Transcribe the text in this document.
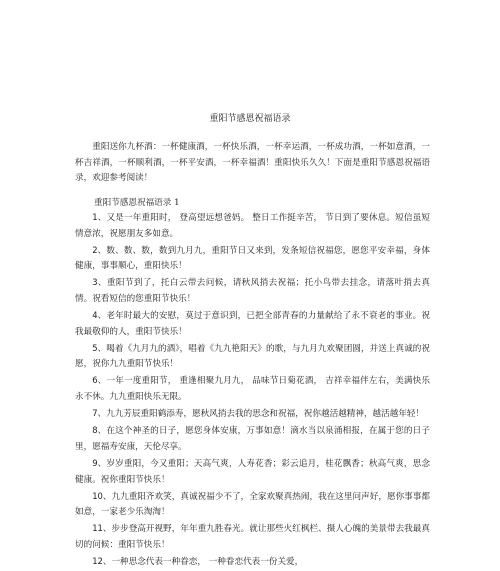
重阳节感恩祝福语录
重阳送你九杯酒：一杯健康酒，一杯快乐酒，一杯幸运酒，一杯成功酒，一杯如意酒，一杯吉祥酒，一杯顺利酒，一杯平安酒，一杯幸福酒！重阳快乐久久！下面是重阳节感恩祝福语录，欢迎参考阅读！
重阳节感恩祝福语录 1

1、又是一年重阳时， 登高望远想爸妈。 整日工作挺辛苦， 节日到了要休息。短信虽短情意浓，祝愿朋友多如意。

2、数、数、数，数到九月九，重阳节日又来到，发条短信祝福您，愿您平安幸福，身体健康，事事顺心，重阳快乐！

3、重阳节到了，托白云带去问候，请秋风捎去祝福；托小鸟带去挂念，请落叶捎去真情。祝看短信的您重阳节快乐！

4、老年时最大的安慰，莫过于意识到，已把全部青春的力量献给了永不衰老的事业。祝我最敬仰的人，重阳节快乐！

5、喝着《九月九的酒》，唱着《九九艳阳天》的歌，与九月九欢聚团圆，并送上真诚的祝愿，祝你九九重阳节快乐！

6、一年一度重阳节， 重逢相聚九月九， 品味节日菊花酒， 吉祥幸福伴左右，美满快乐永不休。九九重阳快乐无限。

7、九九芳辰重阳鹤添寿，愿秋风捎去我的思念和祝福，祝你越活越精神，越活越年轻！

8、在这个神圣的日子，愿您身体安康，万事如意！滴水当以泉涌相报，在属于您的日子里，愿福寿安康，天伦尽享。

9、岁岁重阳，今又重阳；天高气爽，人寿花香；彩云追月，桂花飘香；秋高气爽，思念健康。祝你重阳节快乐！

10、九九重阳齐欢笑，真诚祝福少不了，全家欢聚真热闹，我在这里问声好，愿你事事都如意，一家老少乐淘淘！

11、步步登高开视野，年年重九胜春光。就让那些火红枫栏、摄人心魄的美景带去我最真切的问候：重阳节快乐！

12、一种思念代表一种眷恋， 一种眷恋代表一份关爱，
